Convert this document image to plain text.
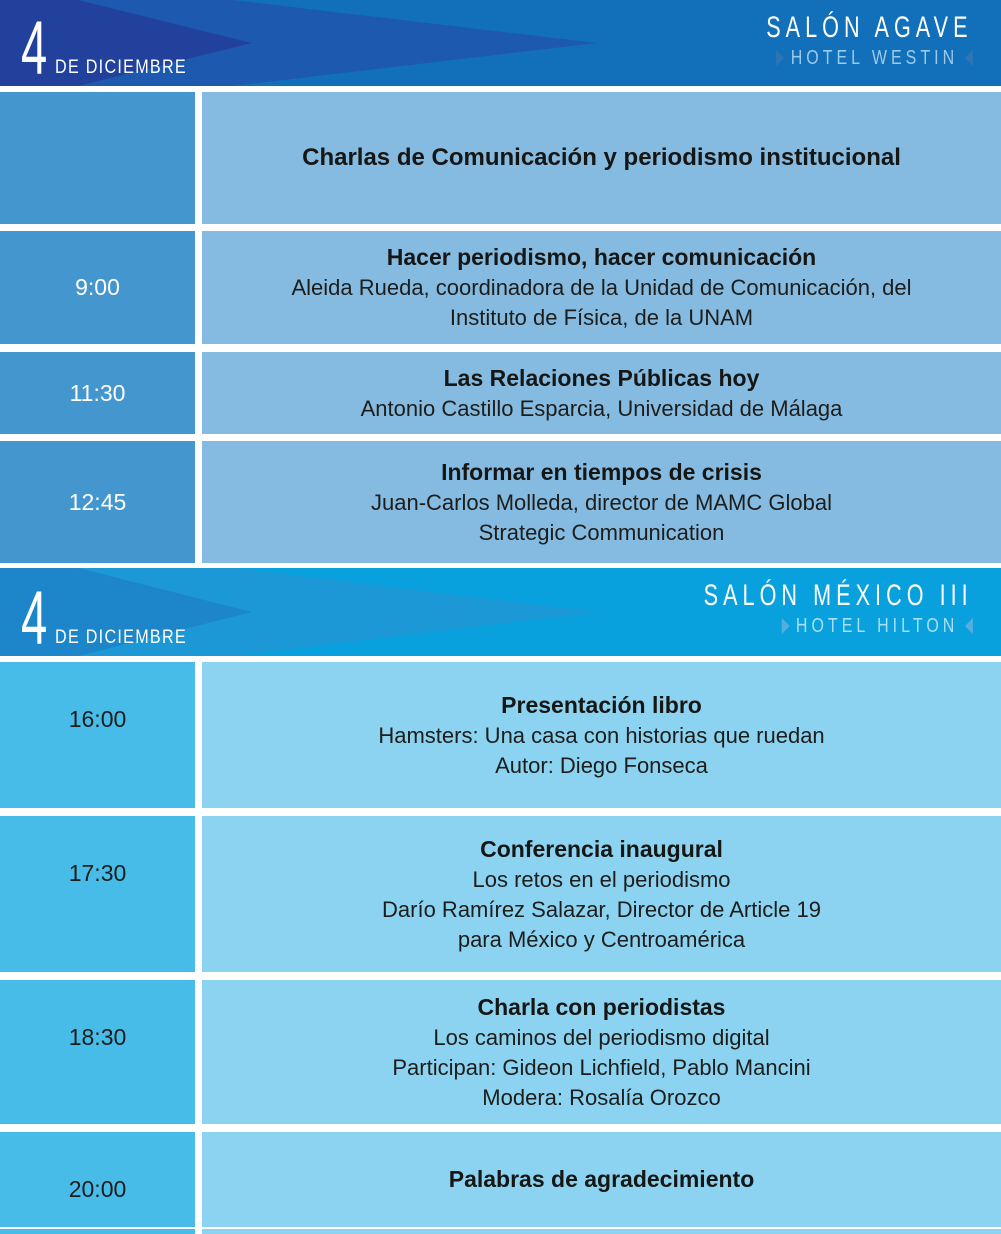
4 DE DICIEMBRE
SALÓN AGAVE
HOTEL WESTIN
Charlas de Comunicación y periodismo institucional
9:00
Hacer periodismo, hacer comunicación
Aleida Rueda, coordinadora de la Unidad de Comunicación, del
Instituto de Física, de la UNAM
11:30
Las Relaciones Públicas hoy
Antonio Castillo Esparcia, Universidad de Málaga
12:45
Informar en tiempos de crisis
Juan-Carlos Molleda, director de MAMC Global
Strategic Communication
4 DE DICIEMBRE
SALÓN MÉXICO III
HOTEL HILTON
16:00
Presentación libro
Hamsters: Una casa con historias que ruedan
Autor: Diego Fonseca
17:30
Conferencia inaugural
Los retos en el periodismo
Darío Ramírez Salazar, Director de Article 19
para México y Centroamérica
18:30
Charla con periodistas
Los caminos del periodismo digital
Participan: Gideon Lichfield, Pablo Mancini
Modera: Rosalía Orozco
20:00	Palabras de agradecimiento
